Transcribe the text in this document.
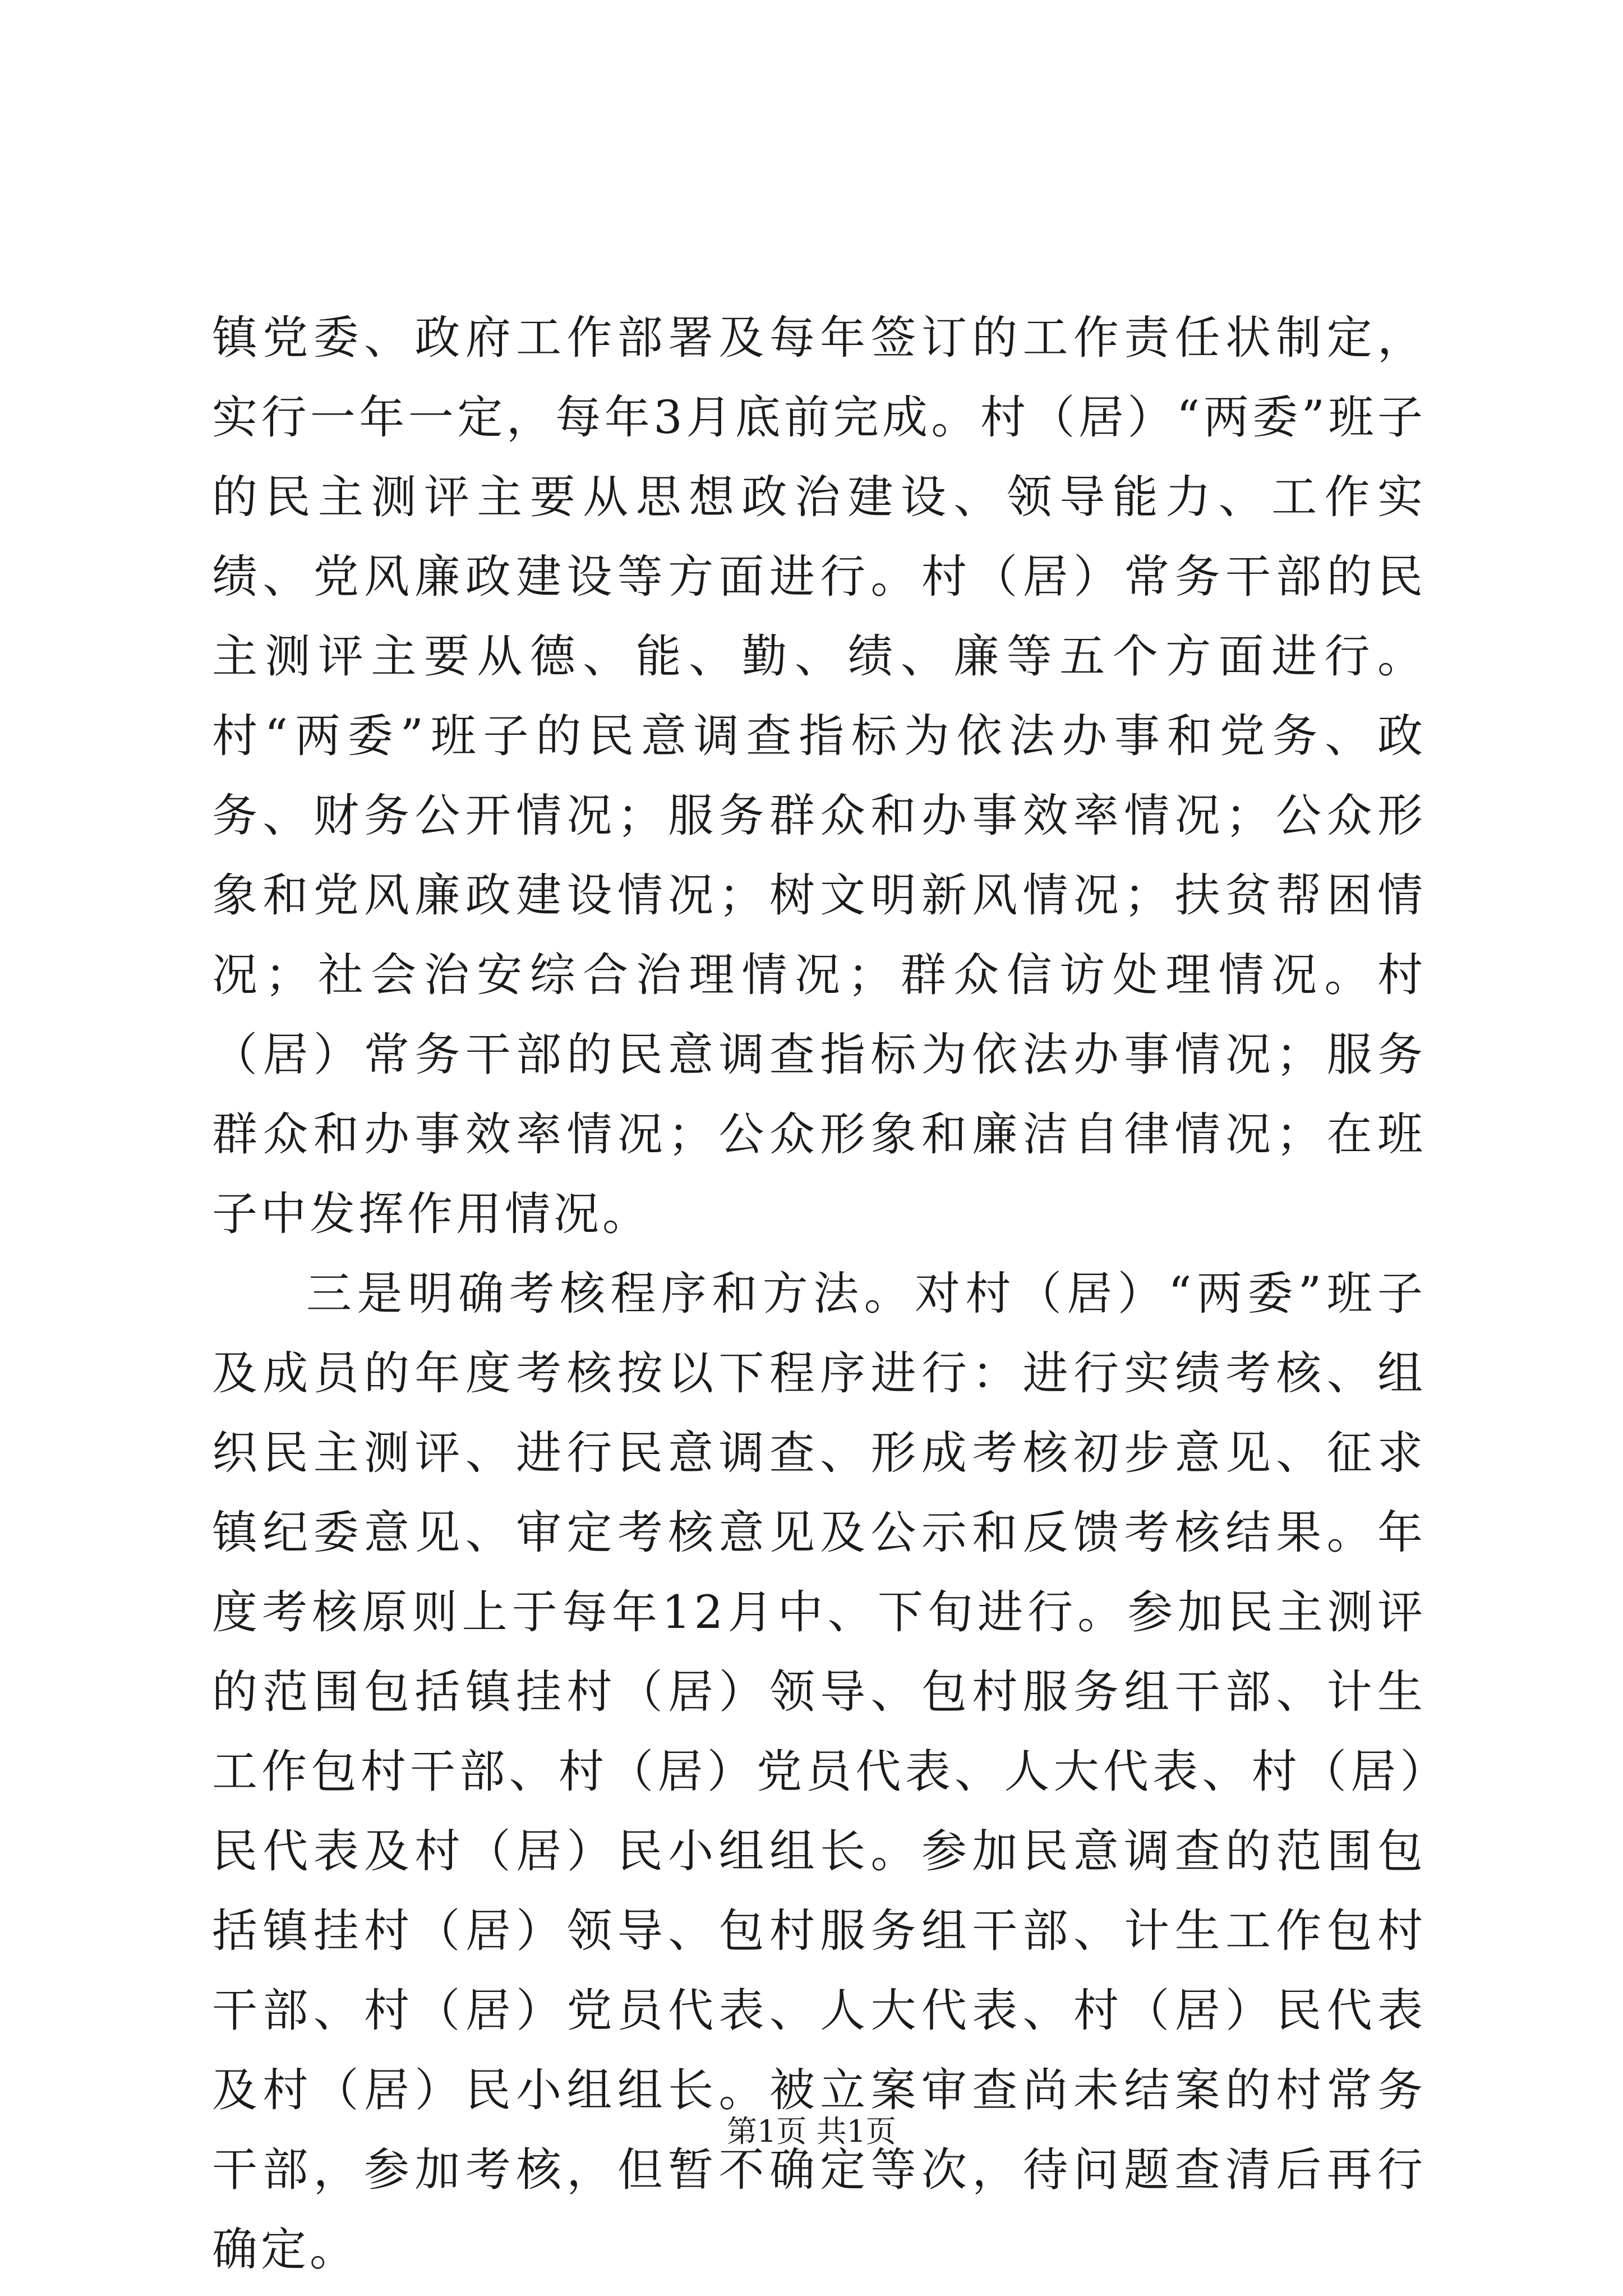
镇党委、政府工作部署及每年签订的工作责任状制定，实行一年一定，每年3月底前完成。村（居）“两委”班子的民主测评主要从思想政治建设、领导能力、工作实绩、党风廉政建设等方面进行。村（居）常务干部的民主测评主要从德、能、勤、绩、廉等五个方面进行。村“两委”班子的民意调查指标为依法办事和党务、政务、财务公开情况；服务群众和办事效率情况；公众形象和党风廉政建设情况；树文明新风情况；扶贫帮困情况；社会治安综合治理情况；群众信访处理情况。村（居）常务干部的民意调查指标为依法办事情况；服务群众和办事效率情况；公众形象和廉洁自律情况；在班子中发挥作用情况。

三是明确考核程序和方法。对村（居）“两委”班子及成员的年度考核按以下程序进行：进行实绩考核、组织民主测评、进行民意调查、形成考核初步意见、征求镇纪委意见、审定考核意见及公示和反馈考核结果。年度考核原则上于每年12月中、下旬进行。参加民主测评的范围包括镇挂村（居）领导、包村服务组干部、计生工作包村干部、村（居）党员代表、人大代表、村（居）民代表及村（居）民小组组长。参加民意调查的范围包括镇挂村（居）领导、包村服务组干部、计生工作包村干部、村（居）党员代表、人大代表、村（居）民代表及村（居）民小组组长。被立案审查尚未结案的村常务干部，参加考核，但暂不确定等次，待问题查清后再行确定。

第1页 共1页
